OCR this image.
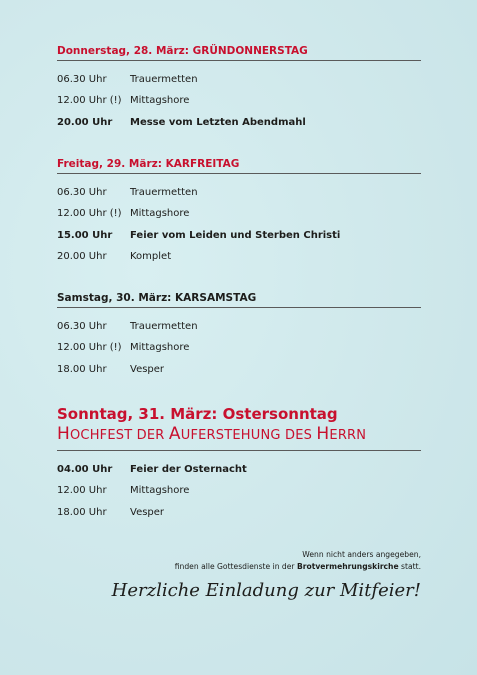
Donnerstag, 28. März: GRÜNDONNERSTAG
06.30 Uhr	Trauermetten
12.00 Uhr (!) Mittagshore
20.00 Uhr	Messe vom Letzten Abendmahl
Freitag, 29. März: KARFREITAG
06.30 Uhr	Trauermetten
12.00 Uhr (!) Mittagshore
15.00 Uhr	Feier vom Leiden und Sterben Christi
20.00 Uhr	Komplet
Samstag, 30. März: KARSAMSTAG
06.30 Uhr	Trauermetten
12.00 Uhr (!) Mittagshore
18.00 Uhr	Vesper
Sonntag, 31. März: Ostersonntag
HOCHFEST DER AUFERSTEHUNG DES HERRN
04.00 Uhr	Feier der Osternacht
12.00 Uhr	Mittagshore
18.00 Uhr	Vesper
Wenn nicht anders angegeben,
finden alle Gottesdienste in der Brotvermehrungskirche statt.
Herzliche Einladung zur Mitfeier!
